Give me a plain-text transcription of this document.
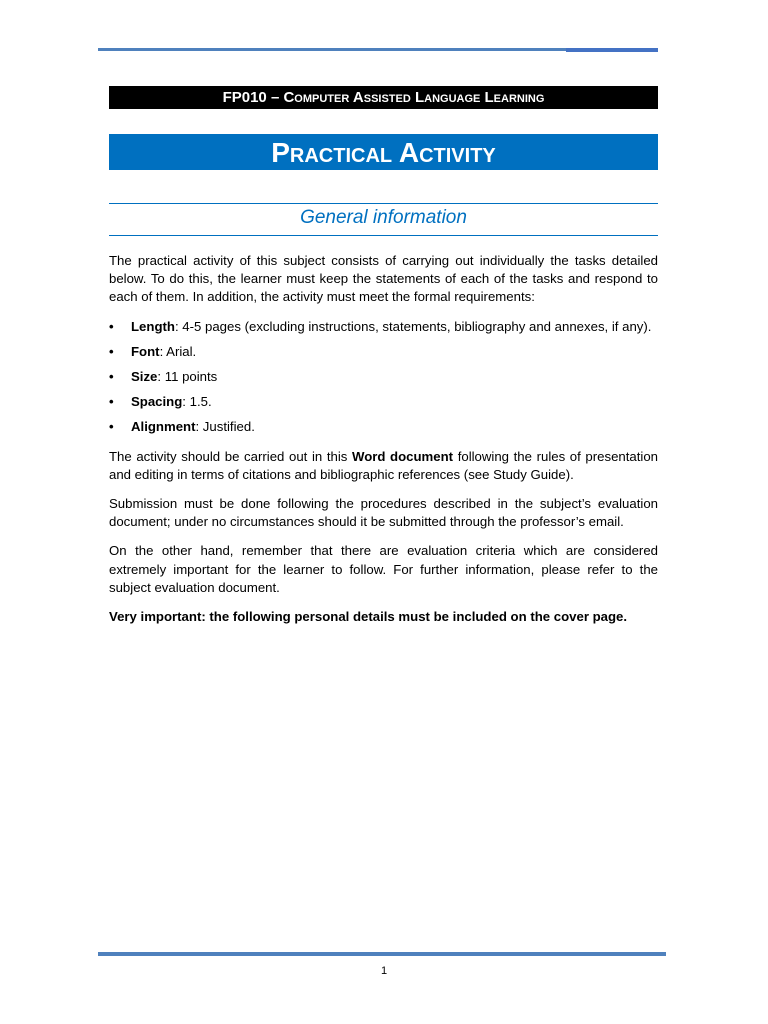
FP010 – Computer Assisted Language Learning
Practical Activity
General information

The practical activity of this subject consists of carrying out individually the tasks detailed below. To do this, the learner must keep the statements of each of the tasks and respond to each of them. In addition, the activity must meet the formal requirements:

• Length: 4-5 pages (excluding instructions, statements, bibliography and annexes, if any).
• Font: Arial.
• Size: 11 points
• Spacing: 1.5.
• Alignment: Justified.

The activity should be carried out in this Word document following the rules of presentation and editing in terms of citations and bibliographic references (see Study Guide).

Submission must be done following the procedures described in the subject’s evaluation document; under no circumstances should it be submitted through the professor’s email.

On the other hand, remember that there are evaluation criteria which are considered extremely important for the learner to follow. For further information, please refer to the subject evaluation document.

Very important: the following personal details must be included on the cover page.

1
